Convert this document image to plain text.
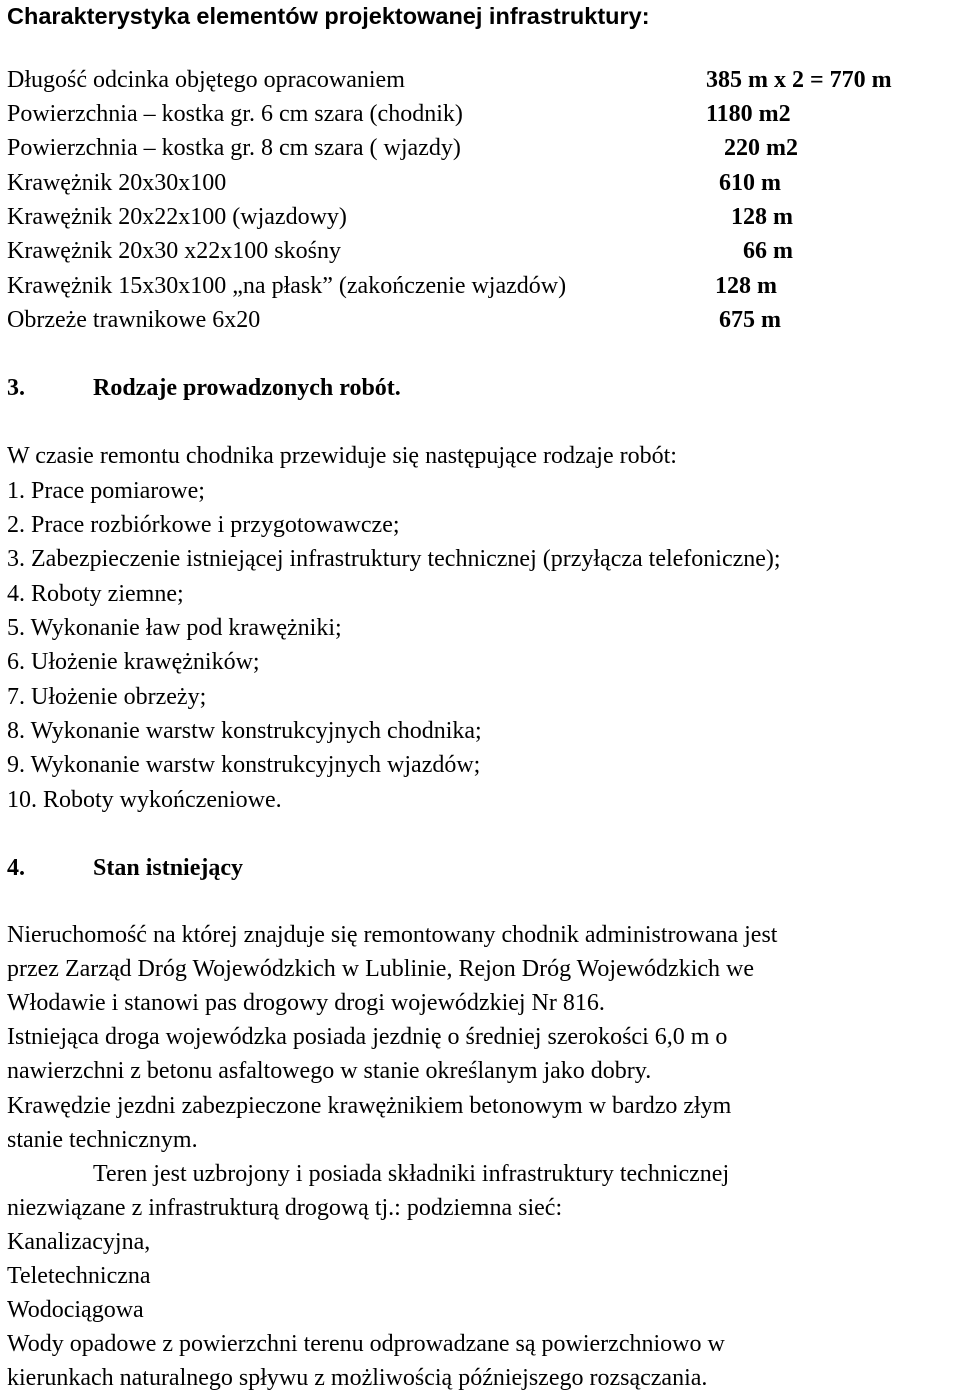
Charakterystyka elementów projektowanej infrastruktury:
Długość odcinka objętego opracowaniem	385 m x 2 = 770 m
Powierzchnia – kostka gr. 6 cm szara (chodnik)	1180 m2
Powierzchnia – kostka gr. 8 cm szara ( wjazdy)	220 m2
Krawężnik 20x30x100	610 m
Krawężnik 20x22x100 (wjazdowy)	128 m
Krawężnik 20x30 x22x100 skośny	66 m
Krawężnik 15x30x100 „na płask” (zakończenie wjazdów)	128 m
Obrzeże trawnikowe 6x20	675 m
3.	Rodzaje prowadzonych robót.
W czasie remontu chodnika przewiduje się następujące rodzaje robót:
1. Prace pomiarowe;
2. Prace rozbiórkowe i przygotowawcze;
3. Zabezpieczenie istniejącej infrastruktury technicznej (przyłącza telefoniczne);
4. Roboty ziemne;
5. Wykonanie ław pod krawężniki;
6. Ułożenie krawężników;
7. Ułożenie obrzeży;
8. Wykonanie warstw konstrukcyjnych chodnika;
9. Wykonanie warstw konstrukcyjnych wjazdów;
10. Roboty wykończeniowe.
4.	Stan istniejący
Nieruchomość na której znajduje się remontowany chodnik administrowana jest
przez Zarząd Dróg Wojewódzkich w Lublinie, Rejon Dróg Wojewódzkich we
Włodawie i stanowi pas drogowy drogi wojewódzkiej Nr 816.
Istniejąca droga wojewódzka posiada jezdnię o średniej szerokości 6,0 m o
nawierzchni z betonu asfaltowego w stanie określanym jako dobry.
Krawędzie jezdni zabezpieczone krawężnikiem betonowym w bardzo złym
stanie technicznym.
Teren jest uzbrojony i posiada składniki infrastruktury technicznej
niezwiązane z infrastrukturą drogową tj.: podziemna sieć:
Kanalizacyjna,
Teletechniczna
Wodociągowa
Wody opadowe z powierzchni terenu odprowadzane są powierzchniowo w
kierunkach naturalnego spływu z możliwością późniejszego rozsączania.
